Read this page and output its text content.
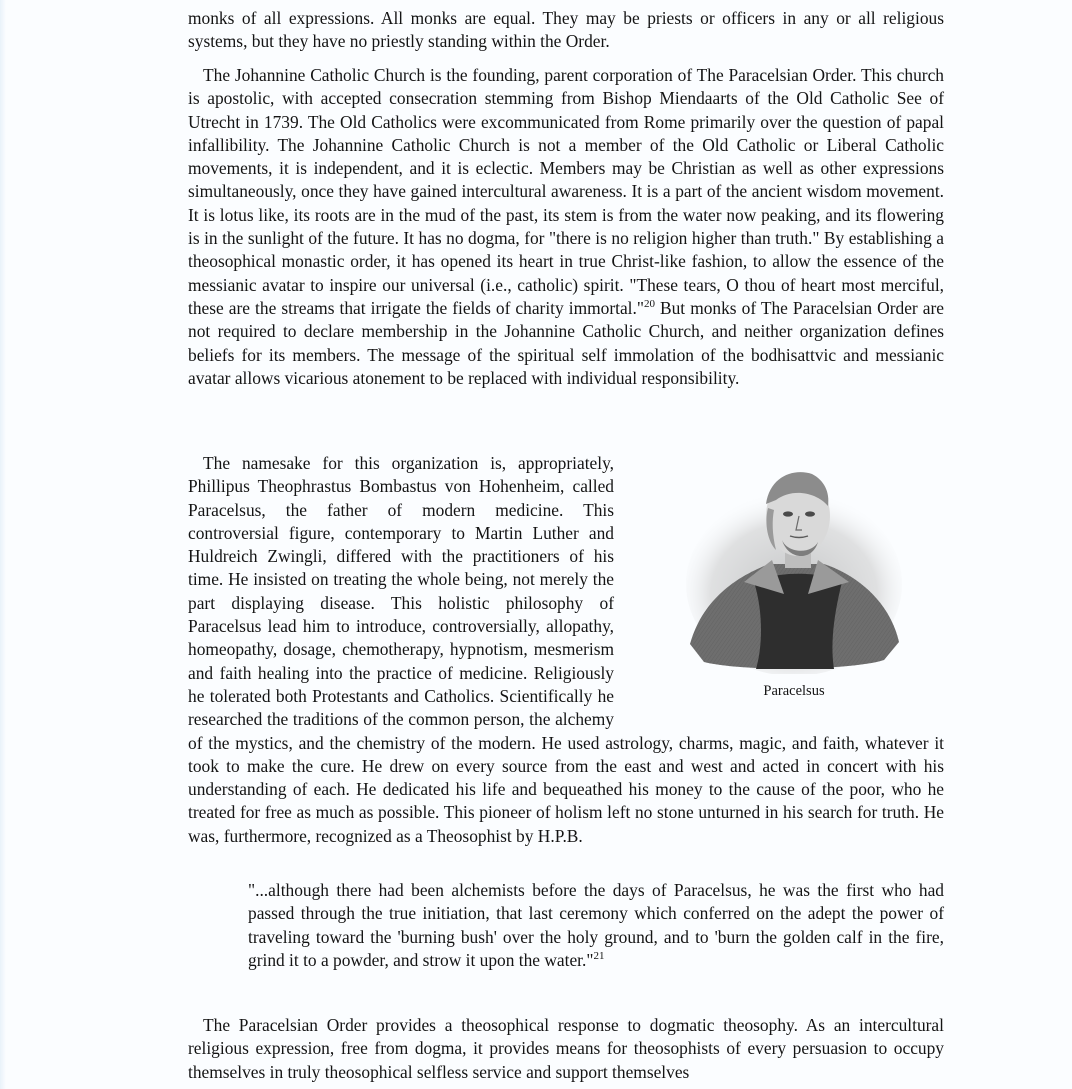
monks of all expressions. All monks are equal. They may be priests or officers in any or all religious systems, but they have no priestly standing within the Order.

The Johannine Catholic Church is the founding, parent corporation of The Paracelsian Order. This church is apostolic, with accepted consecration stemming from Bishop Miendaarts of the Old Catholic See of Utrecht in 1739. The Old Catholics were excommunicated from Rome primarily over the question of papal infallibility. The Johannine Catholic Church is not a member of the Old Catholic or Liberal Catholic movements, it is independent, and it is eclectic. Members may be Christian as well as other expressions simultaneously, once they have gained intercultural awareness. It is a part of the ancient wisdom movement. It is lotus like, its roots are in the mud of the past, its stem is from the water now peaking, and its flowering is in the sunlight of the future. It has no dogma, for "there is no religion higher than truth." By establishing a theosophical monastic order, it has opened its heart in true Christ-like fashion, to allow the essence of the messianic avatar to inspire our universal (i.e., catholic) spirit. "These tears, O thou of heart most merciful, these are the streams that irrigate the fields of charity immortal."$^{20}$ But monks of The Paracelsian Order are not required to declare membership in the Johannine Catholic Church, and neither organization defines beliefs for its members. The message of the spiritual self immolation of the bodhisattvic and messianic avatar allows vicarious atonement to be replaced with individual responsibility.

Paracelsus
The namesake for this organization is, appropriately, Phillipus Theophrastus Bombastus von Hohenheim, called Paracelsus, the father of modern medicine. This controversial figure, contemporary to Martin Luther and Huldreich Zwingli, differed with the practitioners of his time. He insisted on treating the whole being, not merely the part displaying disease. This holistic philosophy of Paracelsus lead him to introduce, controversially, allopathy, homeopathy, dosage, chemotherapy, hypnotism, mesmerism and faith healing into the practice of medicine. Religiously he tolerated both Protestants and Catholics. Scientifically he researched the traditions of the common person, the alchemy of the mystics, and the chemistry of the modern. He used astrology, charms, magic, and faith, whatever it took to make the cure. He drew on every source from the east and west and acted in concert with his understanding of each. He dedicated his life and bequeathed his money to the cause of the poor, who he treated for free as much as possible. This pioneer of holism left no stone unturned in his search for truth. He was, furthermore, recognized as a Theosophist by H.P.B.

"...although there had been alchemists before the days of Paracelsus, he was the first who had passed through the true initiation, that last ceremony which conferred on the adept the power of traveling toward the 'burning bush' over the holy ground, and to 'burn the golden calf in the fire, grind it to a powder, and strow it upon the water."$^{21}$

The Paracelsian Order provides a theosophical response to dogmatic theosophy. As an intercultural religious expression, free from dogma, it provides means for theosophists of every persuasion to occupy themselves in truly theosophical selfless service and support themselves
